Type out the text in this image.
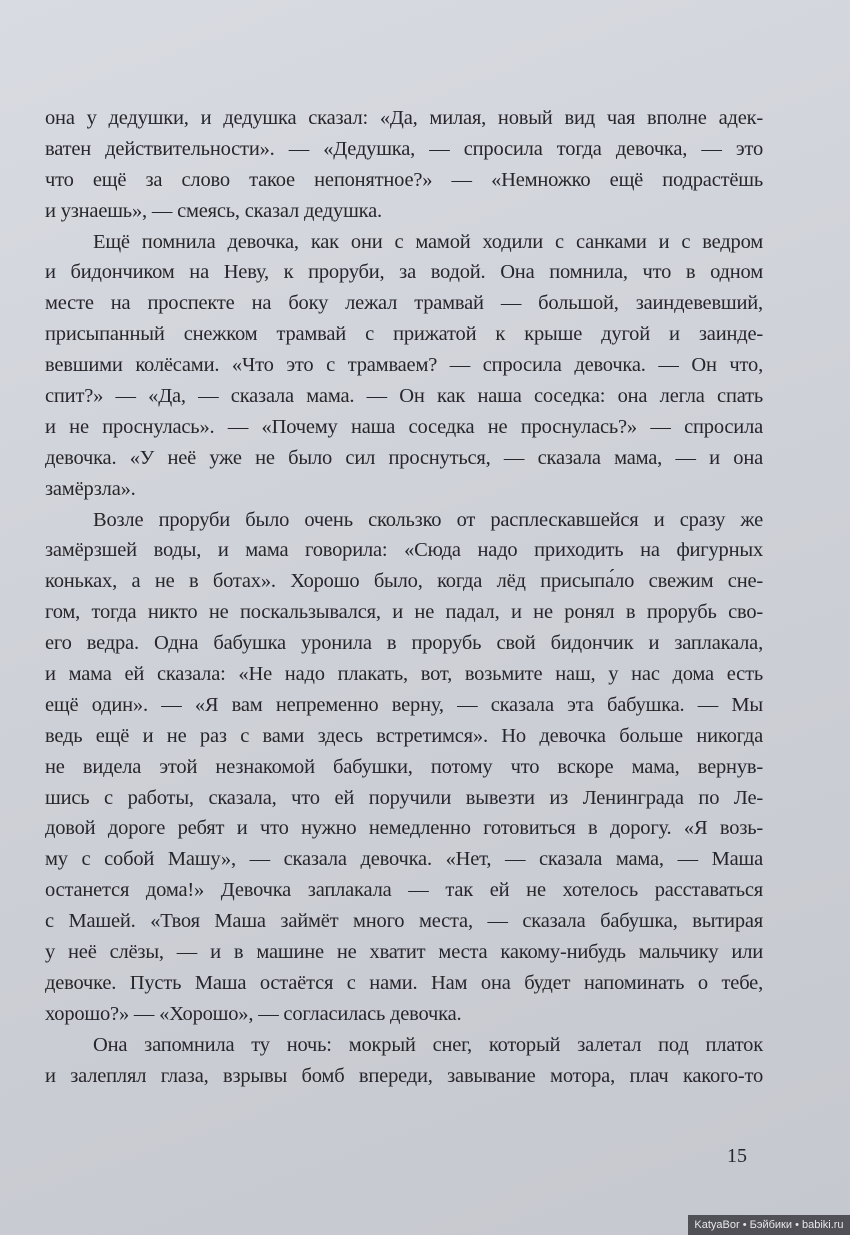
она у дедушки, и дедушка сказал: «Да, милая, новый вид чая вполне адек-
ватен действительности». — «Дедушка, — спросила тогда девочка, — это
что ещё за слово такое непонятное?» — «Немножко ещё подрастёшь
и узнаешь», — смеясь, сказал дедушка.
Ещё помнила девочка, как они с мамой ходили с санками и с ведром
и бидончиком на Неву, к проруби, за водой. Она помнила, что в одном
месте на проспекте на боку лежал трамвай — большой, заиндевевший,
присыпанный снежком трамвай с прижатой к крыше дугой и заинде-
вевшими колёсами. «Что это с трамваем? — спросила девочка. — Он что,
спит?» — «Да, — сказала мама. — Он как наша соседка: она легла спать
и не проснулась». — «Почему наша соседка не проснулась?» — спросила
девочка. «У неё уже не было сил проснуться, — сказала мама, — и она
замёрзла».
Возле проруби было очень скользко от расплескавшейся и сразу же
замёрзшей воды, и мама говорила: «Сюда надо приходить на фигурных
коньках, а не в ботах». Хорошо было, когда лёд присыпа́ло свежим сне-
гом, тогда никто не поскальзывался, и не падал, и не ронял в прорубь сво-
его ведра. Одна бабушка уронила в прорубь свой бидончик и заплакала,
и мама ей сказала: «Не надо плакать, вот, возьмите наш, у нас дома есть
ещё один». — «Я вам непременно верну, — сказала эта бабушка. — Мы
ведь ещё и не раз с вами здесь встретимся». Но девочка больше никогда
не видела этой незнакомой бабушки, потому что вскоре мама, вернув-
шись с работы, сказала, что ей поручили вывезти из Ленинграда по Ле-
довой дороге ребят и что нужно немедленно готовиться в дорогу. «Я возь-
му с собой Машу», — сказала девочка. «Нет, — сказала мама, — Маша
останется дома!» Девочка заплакала — так ей не хотелось расставаться
с Машей. «Твоя Маша займёт много места, — сказала бабушка, вытирая
у неё слёзы, — и в машине не хватит места какому-нибудь мальчику или
девочке. Пусть Маша остаётся с нами. Нам она будет напоминать о тебе,
хорошо?» — «Хорошо», — согласилась девочка.
Она запомнила ту ночь: мокрый снег, который залетал под платок
и залеплял глаза, взрывы бомб впереди, завывание мотора, плач какого-то
15
KatyaBor • Бэйбики • babiki.ru
